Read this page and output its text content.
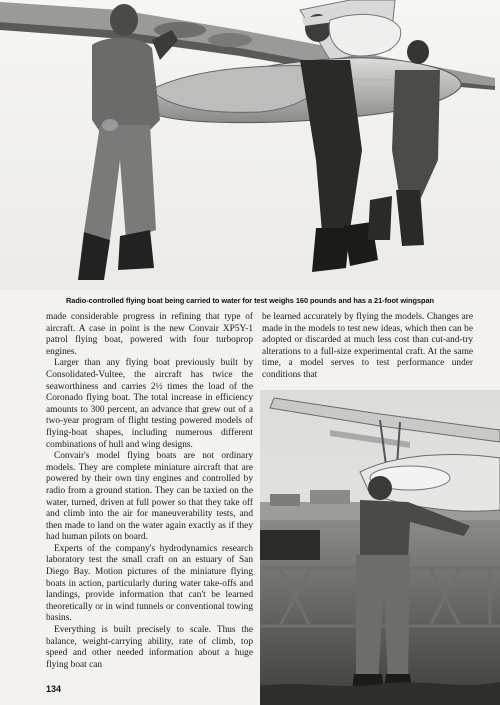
Radio-controlled flying boat being carried to water for test weighs 160 pounds and has a 21-foot wingspan

made considerable progress in refining that type of aircraft. A case in point is the new Convair XP5Y-1 patrol flying boat, powered with four turboprop engines.

Larger than any flying boat previously built by Consolidated-Vultee, the aircraft has twice the seaworthiness and carries 2½ times the load of the Coronado flying boat. The total increase in efficiency amounts to 300 percent, an advance that grew out of a two-year program of flight testing powered models of flying-boat shapes, including numerous different combinations of hull and wing designs.

Convair's model flying boats are not ordinary models. They are complete miniature aircraft that are powered by their own tiny engines and controlled by radio from a ground station. They can be taxied on the water, turned, driven at full power so that they take off and climb into the air for maneuverability tests, and then made to land on the water again exactly as if they had human pilots on board.

Experts of the company's hydrodynamics research laboratory test the small craft on an estuary of San Diego Bay. Motion pictures of the miniature flying boats in action, particularly during water take-offs and landings, provide information that can't be learned theoretically or in wind tunnels or conventional towing basins.

Everything is built precisely to scale. Thus the balance, weight-carrying ability, rate of climb, top speed and other needed information about a huge flying boat can

be learned accurately by flying the models. Changes are made in the models to test new ideas, which then can be adopted or discarded at much less cost than cut-and-try alterations to a full-size experimental craft. At the same time, a model serves to test performance under conditions that

134
